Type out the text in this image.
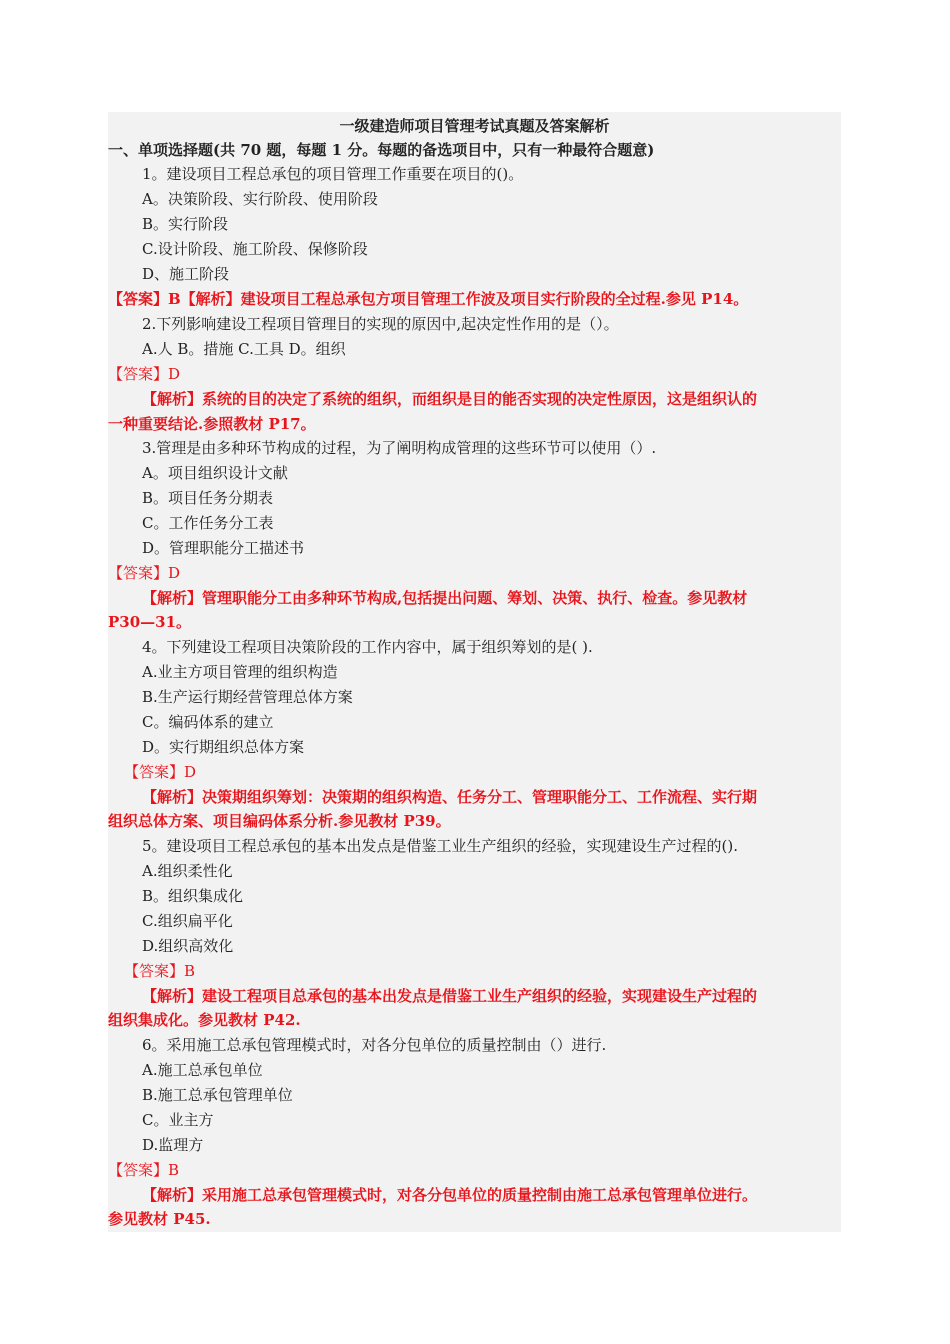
一级建造师项目管理考试真题及答案解析
一、单项选择题(共 70 题，每题 1 分。每题的备选项目中，只有一种最符合题意)
1。建设项目工程总承包的项目管理工作重要在项目的()。
A。决策阶段、实行阶段、使用阶段
B。实行阶段
C.设计阶段、施工阶段、保修阶段
D、施工阶段
【答案】B【解析】建设项目工程总承包方项目管理工作波及项目实行阶段的全过程.参见 P14。
2.下列影响建设工程项目管理目的实现的原因中,起决定性作用的是（）。
A.人 B。措施 C.工具 D。组织
【答案】D
【解析】系统的目的决定了系统的组织，而组织是目的能否实现的决定性原因，这是组织认的
一种重要结论.参照教材 P17。
3.管理是由多种环节构成的过程，为了阐明构成管理的这些环节可以使用（）.
A。项目组织设计文献
B。项目任务分期表
C。工作任务分工表
D。管理职能分工描述书
【答案】D
【解析】管理职能分工由多种环节构成,包括提出问题、筹划、决策、执行、检查。参见教材
P30—31。
4。下列建设工程项目决策阶段的工作内容中，属于组织筹划的是( ).
A.业主方项目管理的组织构造
B.生产运行期经营管理总体方案
C。编码体系的建立
D。实行期组织总体方案
【答案】D
【解析】决策期组织筹划：决策期的组织构造、任务分工、管理职能分工、工作流程、实行期
组织总体方案、项目编码体系分析.参见教材 P39。
5。建设项目工程总承包的基本出发点是借鉴工业生产组织的经验，实现建设生产过程的().
A.组织柔性化
B。组织集成化
C.组织扁平化
D.组织高效化
【答案】B
【解析】建设工程项目总承包的基本出发点是借鉴工业生产组织的经验，实现建设生产过程的
组织集成化。参见教材 P42.
6。采用施工总承包管理模式时，对各分包单位的质量控制由（）进行.
A.施工总承包单位
B.施工总承包管理单位
C。业主方
D.监理方
【答案】B
【解析】采用施工总承包管理模式时，对各分包单位的质量控制由施工总承包管理单位进行。
参见教材 P45.
